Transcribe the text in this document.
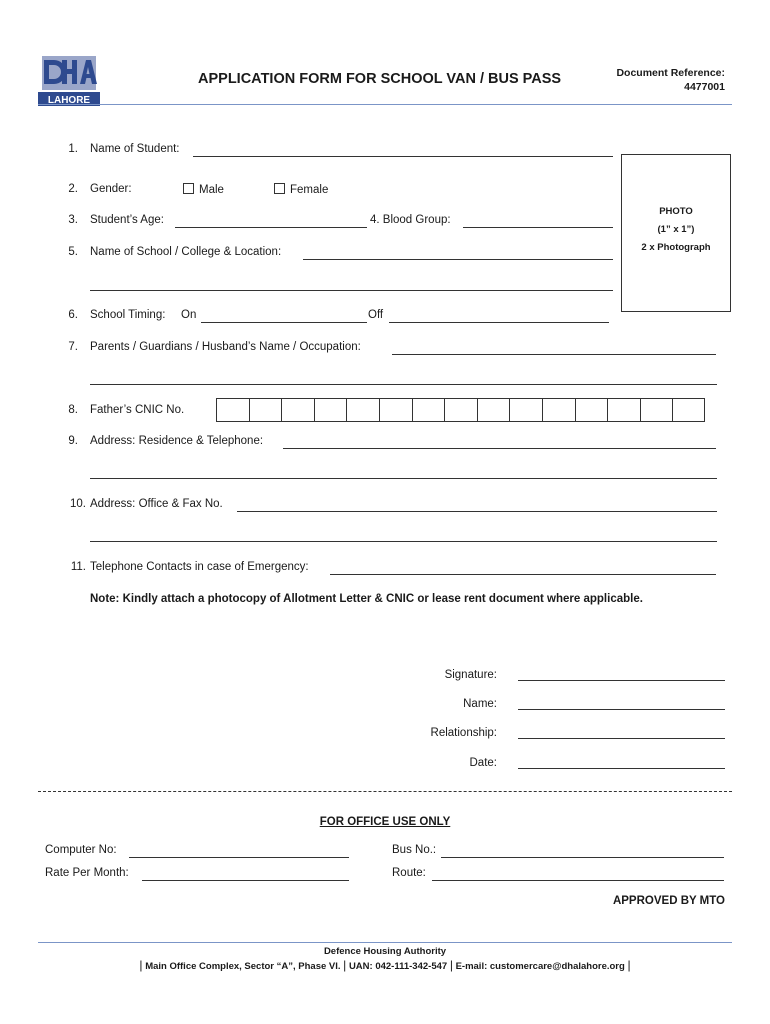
LAHORE
APPLICATION FORM FOR SCHOOL VAN / BUS PASS	Document Reference:
4477001
PHOTO
(1” x 1”)
2 x Photograph
1. Name of Student:
2. Gender:	Male	Female
3. Student’s Age:	4. Blood Group:
5. Name of School / College & Location:
6. School Timing: On	Off
7. Parents / Guardians / Husband’s Name / Occupation:
8. Father’s CNIC No.
9. Address: Residence & Telephone:
10. Address: Office & Fax No.
11. Telephone Contacts in case of Emergency:
Note: Kindly attach a photocopy of Allotment Letter & CNIC or lease rent document where applicable.
Signature:
Name:
Relationship:
Date:
FOR OFFICE USE ONLY
Computer No:	Bus No.:
Rate Per Month:	Route:
APPROVED BY MTO
Defence Housing Authority
| Main Office Complex, Sector “A”, Phase VI. | UAN: 042-111-342-547 | E-mail: customercare@dhalahore.org |
